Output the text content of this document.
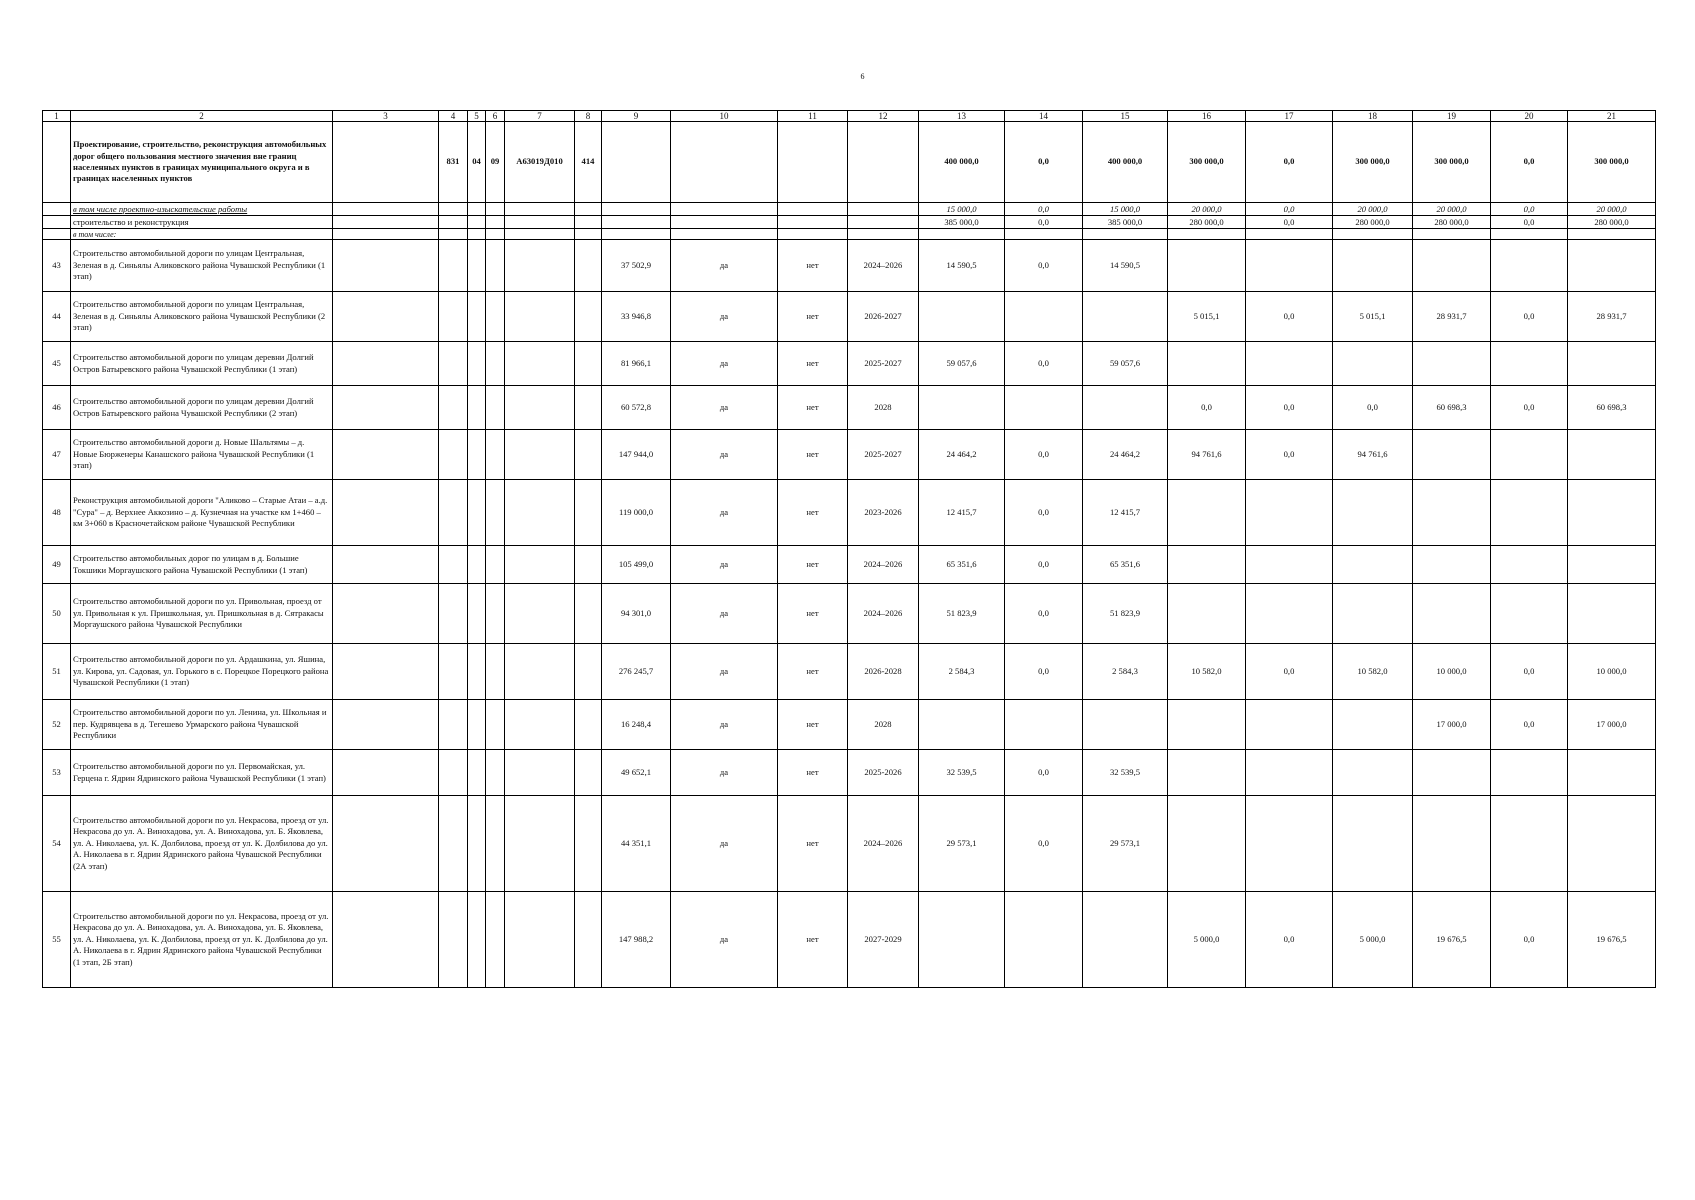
6
1	2	3	4	5	6	7	8	9	10	11	12	13	14	15	16	17	18	19	20	21
	Проектирование, строительство, реконструкция автомобильных дорог общего пользования местного значения вне границ населенных пунктов в границах муниципального округа и в границах населенных пунктов		831	04	09	А63019Д010	414					400 000,0	0,0	400 000,0	300 000,0	0,0	300 000,0	300 000,0	0,0	300 000,0
	в том числе проектно-изыскательские работы											15 000,0	0,0	15 000,0	20 000,0	0,0	20 000,0	20 000,0	0,0	20 000,0
	строительство и реконструкция											385 000,0	0,0	385 000,0	280 000,0	0,0	280 000,0	280 000,0	0,0	280 000,0
	в том числе:																			
43	Строительство автомобильной дороги по улицам Центральная, Зеленая в д. Синьялы Аликовского района Чувашской Республики (1 этап)							37 502,9	да	нет	2024–2026	14 590,5	0,0	14 590,5						
44	Строительство автомобильной дороги по улицам Центральная, Зеленая в д. Синьялы Аликовского района Чувашской Республики (2 этап)							33 946,8	да	нет	2026-2027				5 015,1	0,0	5 015,1	28 931,7	0,0	28 931,7
45	Строительство автомобильной дороги по улицам деревни Долгий Остров Батыревского района Чувашской Республики (1 этап)							81 966,1	да	нет	2025-2027	59 057,6	0,0	59 057,6						
46	Строительство автомобильной дороги по улицам деревни Долгий Остров Батыревского района Чувашской Республики (2 этап)							60 572,8	да	нет	2028				0,0	0,0	0,0	60 698,3	0,0	60 698,3
47	Строительство автомобильной дороги д. Новые Шальтямы – д. Новые Бюрженеры Канашского района Чувашской Республики (1 этап)							147 944,0	да	нет	2025-2027	24 464,2	0,0	24 464,2	94 761,6	0,0	94 761,6			
48	Реконструкция автомобильной дороги "Аликово – Старые Атаи – а.д. "Сура" – д. Верхнее Аккозино – д. Кузнечная на участке км 1+460 – км 3+060 в Красночетайском районе Чувашской Республики							119 000,0	да	нет	2023-2026	12 415,7	0,0	12 415,7						
49	Строительство автомобильных дорог по улицам в д. Большие Токшики Моргаушского района Чувашской Республики (1 этап)							105 499,0	да	нет	2024–2026	65 351,6	0,0	65 351,6						
50	Строительство автомобильной дороги по ул. Привольная, проезд от ул. Привольная к ул. Пришкольная, ул. Пришкольная в д. Сятракасы Моргаушского района Чувашской Республики							94 301,0	да	нет	2024–2026	51 823,9	0,0	51 823,9						
51	Строительство автомобильной дороги по ул. Ардашкина, ул. Яшина, ул. Кирова, ул. Садовая, ул. Горького в с. Порецкое Порецкого района Чувашской Республики (1 этап)							276 245,7	да	нет	2026-2028	2 584,3	0,0	2 584,3	10 582,0	0,0	10 582,0	10 000,0	0,0	10 000,0
52	Строительство автомобильной дороги по ул. Ленина, ул. Школьная и пер. Кудрявцева в д. Тегешево Урмарского района Чувашской Республики							16 248,4	да	нет	2028							17 000,0	0,0	17 000,0
53	Строительство автомобильной дороги по ул. Первомайская, ул. Герцена г. Ядрин Ядринского района Чувашской Республики (1 этап)							49 652,1	да	нет	2025-2026	32 539,5	0,0	32 539,5						
54	Строительство автомобильной дороги по ул. Некрасова, проезд от ул. Некрасова до ул. А. Винохадова, ул. А. Винохадова, ул. Б. Яковлева, ул. А. Николаева, ул. К. Долбилова, проезд от ул. К. Долбилова до ул. А. Николаева в г. Ядрин Ядринского района Чувашской Республики (2А этап)							44 351,1	да	нет	2024–2026	29 573,1	0,0	29 573,1						
55	Строительство автомобильной дороги по ул. Некрасова, проезд от ул. Некрасова до ул. А. Винохадова, ул. А. Винохадова, ул. Б. Яковлева, ул. А. Николаева, ул. К. Долбилова, проезд от ул. К. Долбилова до ул. А. Николаева в г. Ядрин Ядринского района Чувашской Республики (1 этап, 2Б этап)							147 988,2	да	нет	2027-2029				5 000,0	0,0	5 000,0	19 676,5	0,0	19 676,5
